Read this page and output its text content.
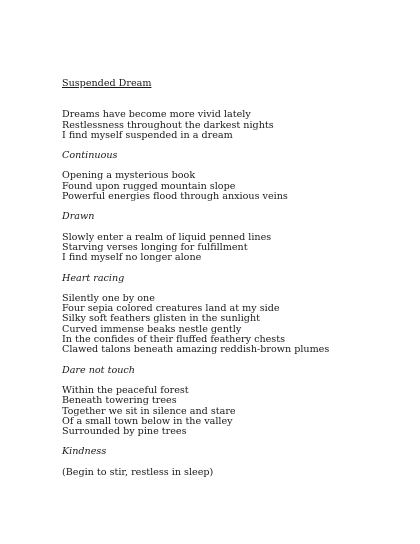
Suspended Dream
Dreams have become more vivid lately
Restlessness throughout the darkest nights
I find myself suspended in a dream
Continuous
Opening a mysterious book
Found upon rugged mountain slope
Powerful energies flood through anxious veins
Drawn
Slowly enter a realm of liquid penned lines
Starving verses longing for fulfillment
I find myself no longer alone
Heart racing
Silently one by one
Four sepia colored creatures land at my side
Silky soft feathers glisten in the sunlight
Curved immense beaks nestle gently
In the confides of their fluffed feathery chests
Clawed talons beneath amazing reddish-brown plumes
Dare not touch
Within the peaceful forest
Beneath towering trees
Together we sit in silence and stare
Of a small town below in the valley
Surrounded by pine trees
Kindness
(Begin to stir, restless in sleep)
